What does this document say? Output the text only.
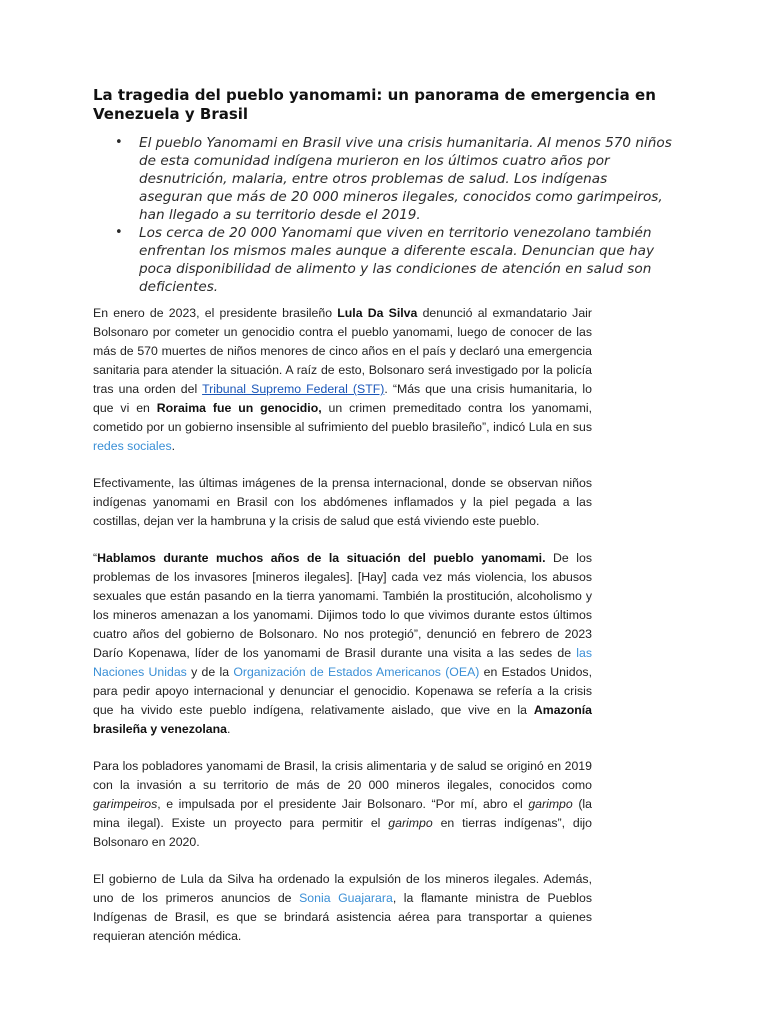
La tragedia del pueblo yanomami: un panorama de emergencia en Venezuela y Brasil
• El pueblo Yanomami en Brasil vive una crisis humanitaria. Al menos 570 niños de esta comunidad indígena murieron en los últimos cuatro años por desnutrición, malaria, entre otros problemas de salud. Los indígenas aseguran que más de 20 000 mineros ilegales, conocidos como garimpeiros, han llegado a su territorio desde el 2019.
• Los cerca de 20 000 Yanomami que viven en territorio venezolano también enfrentan los mismos males aunque a diferente escala. Denuncian que hay poca disponibilidad de alimento y las condiciones de atención en salud son deficientes.

En enero de 2023, el presidente brasileño Lula Da Silva denunció al exmandatario Jair Bolsonaro por cometer un genocidio contra el pueblo yanomami, luego de conocer de las más de 570 muertes de niños menores de cinco años en el país y declaró una emergencia sanitaria para atender la situación. A raíz de esto, Bolsonaro será investigado por la policía tras una orden del Tribunal Supremo Federal (STF). “Más que una crisis humanitaria, lo que vi en Roraima fue un genocidio, un crimen premeditado contra los yanomami, cometido por un gobierno insensible al sufrimiento del pueblo brasileño”, indicó Lula en sus redes sociales.

Efectivamente, las últimas imágenes de la prensa internacional, donde se observan niños indígenas yanomami en Brasil con los abdómenes inflamados y la piel pegada a las costillas, dejan ver la hambruna y la crisis de salud que está viviendo este pueblo.

“Hablamos durante muchos años de la situación del pueblo yanomami. De los problemas de los invasores [mineros ilegales]. [Hay] cada vez más violencia, los abusos sexuales que están pasando en la tierra yanomami. También la prostitución, alcoholismo y los mineros amenazan a los yanomami. Dijimos todo lo que vivimos durante estos últimos cuatro años del gobierno de Bolsonaro. No nos protegió”, denunció en febrero de 2023 Darío Kopenawa, líder de los yanomami de Brasil durante una visita a las sedes de las Naciones Unidas y de la Organización de Estados Americanos (OEA) en Estados Unidos, para pedir apoyo internacional y denunciar el genocidio. Kopenawa se refería a la crisis que ha vivido este pueblo indígena, relativamente aislado, que vive en la Amazonía brasileña y venezolana.

Para los pobladores yanomami de Brasil, la crisis alimentaria y de salud se originó en 2019 con la invasión a su territorio de más de 20 000 mineros ilegales, conocidos como garimpeiros, e impulsada por el presidente Jair Bolsonaro. “Por mí, abro el garimpo (la mina ilegal). Existe un proyecto para permitir el garimpo en tierras indígenas”, dijo Bolsonaro en 2020.

El gobierno de Lula da Silva ha ordenado la expulsión de los mineros ilegales. Además, uno de los primeros anuncios de Sonia Guajarara, la flamante ministra de Pueblos Indígenas de Brasil, es que se brindará asistencia aérea para transportar a quienes requieran atención médica.
